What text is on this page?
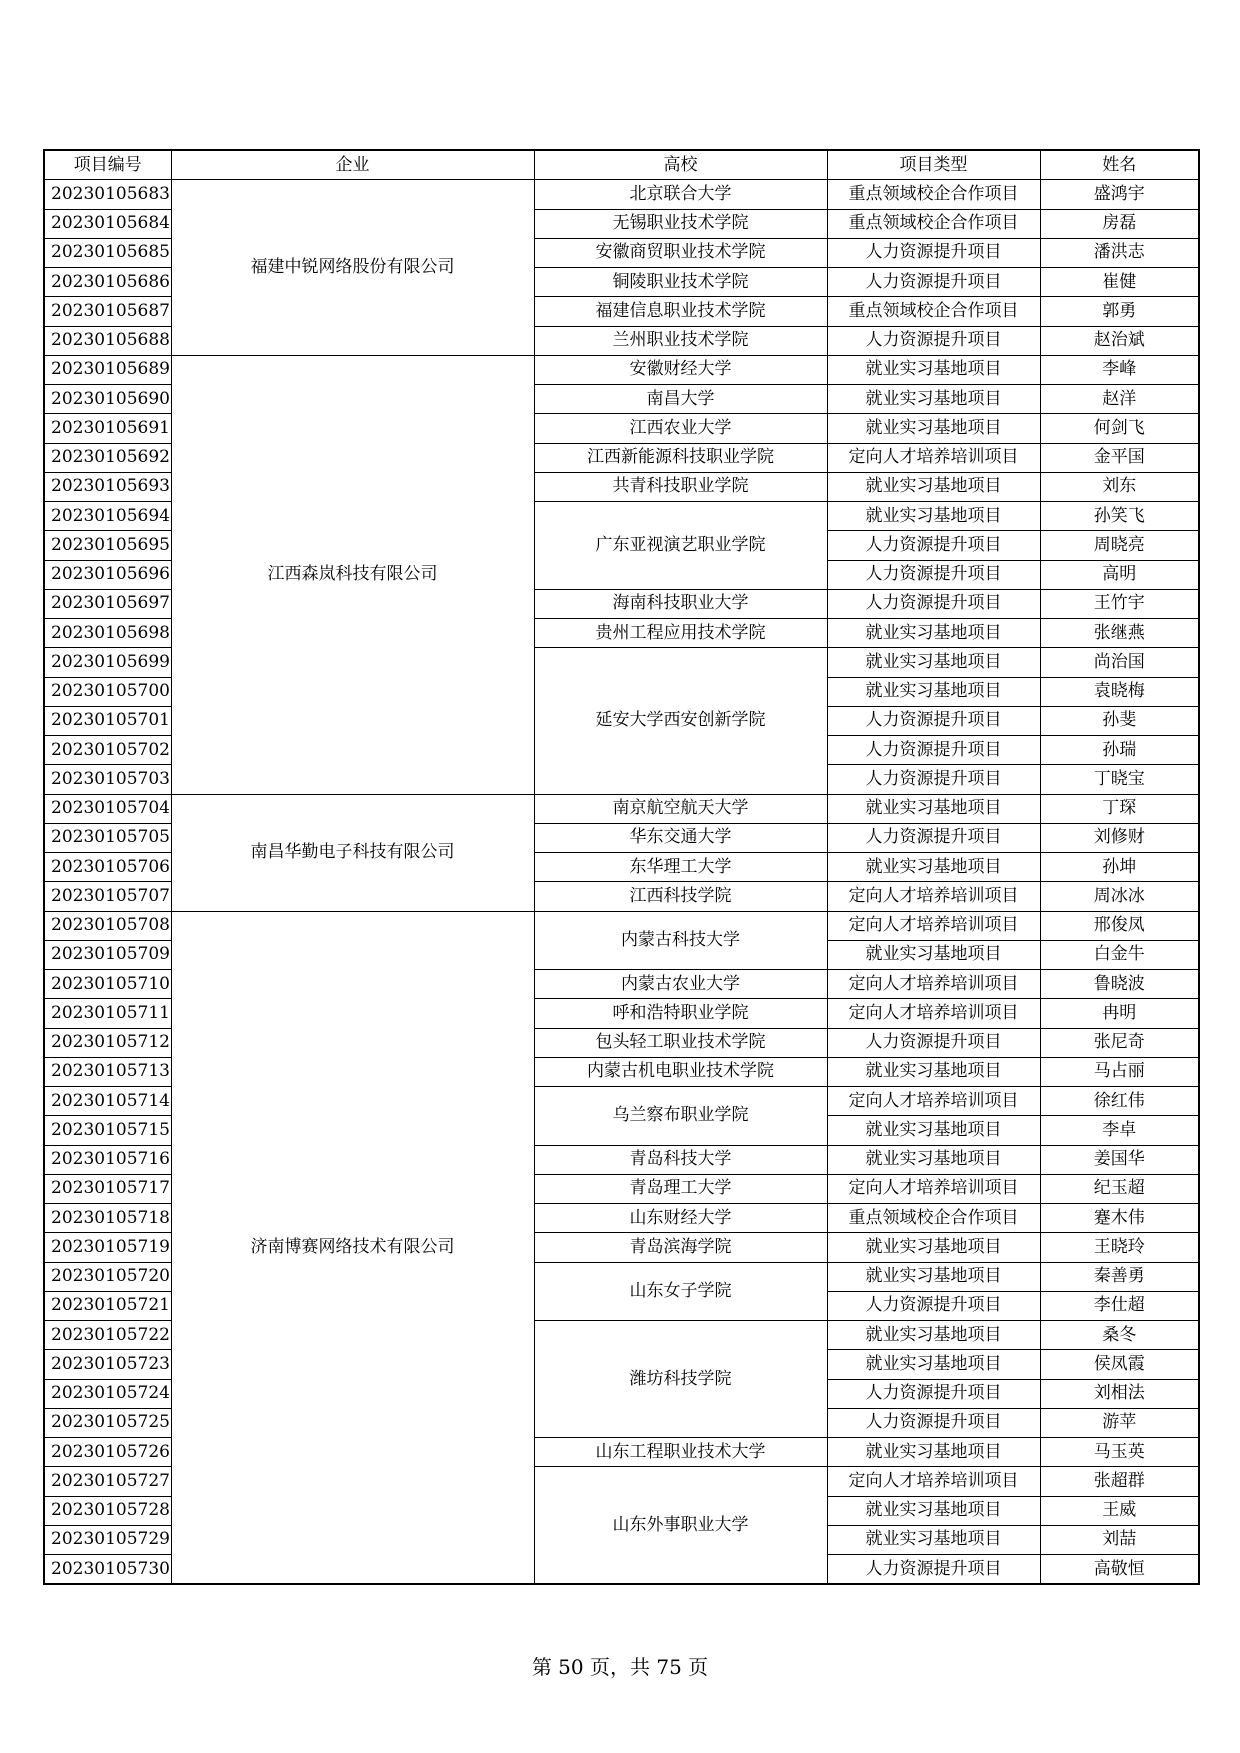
项目编号	企业	高校	项目类型	姓名
20230105683	福建中锐网络股份有限公司	北京联合大学	重点领域校企合作项目	盛鸿宇
20230105684		无锡职业技术学院	重点领域校企合作项目	房磊
20230105685		安徽商贸职业技术学院	人力资源提升项目	潘洪志
20230105686		铜陵职业技术学院	人力资源提升项目	崔健
20230105687		福建信息职业技术学院	重点领域校企合作项目	郭勇
20230105688		兰州职业技术学院	人力资源提升项目	赵治斌
20230105689	江西森岚科技有限公司	安徽财经大学	就业实习基地项目	李峰
20230105690		南昌大学	就业实习基地项目	赵洋
20230105691		江西农业大学	就业实习基地项目	何剑飞
20230105692		江西新能源科技职业学院	定向人才培养培训项目	金平国
20230105693		共青科技职业学院	就业实习基地项目	刘东
20230105694		广东亚视演艺职业学院	就业实习基地项目	孙笑飞
20230105695			人力资源提升项目	周晓亮
20230105696			人力资源提升项目	高明
20230105697		海南科技职业大学	人力资源提升项目	王竹宇
20230105698		贵州工程应用技术学院	就业实习基地项目	张继燕
20230105699		延安大学西安创新学院	就业实习基地项目	尚治国
20230105700			就业实习基地项目	袁晓梅
20230105701			人力资源提升项目	孙斐
20230105702			人力资源提升项目	孙瑞
20230105703			人力资源提升项目	丁晓宝
20230105704	南昌华勤电子科技有限公司	南京航空航天大学	就业实习基地项目	丁琛
20230105705		华东交通大学	人力资源提升项目	刘修财
20230105706		东华理工大学	就业实习基地项目	孙坤
20230105707		江西科技学院	定向人才培养培训项目	周冰冰
20230105708	济南博赛网络技术有限公司	内蒙古科技大学	定向人才培养培训项目	邢俊凤
20230105709			就业实习基地项目	白金牛
20230105710		内蒙古农业大学	定向人才培养培训项目	鲁晓波
20230105711		呼和浩特职业学院	定向人才培养培训项目	冉明
20230105712		包头轻工职业技术学院	人力资源提升项目	张尼奇
20230105713		内蒙古机电职业技术学院	就业实习基地项目	马占丽
20230105714		乌兰察布职业学院	定向人才培养培训项目	徐红伟
20230105715			就业实习基地项目	李卓
20230105716		青岛科技大学	就业实习基地项目	姜国华
20230105717		青岛理工大学	定向人才培养培训项目	纪玉超
20230105718		山东财经大学	重点领域校企合作项目	蹇木伟
20230105719		青岛滨海学院	就业实习基地项目	王晓玲
20230105720		山东女子学院	就业实习基地项目	秦善勇
20230105721			人力资源提升项目	李仕超
20230105722		潍坊科技学院	就业实习基地项目	桑冬
20230105723			就业实习基地项目	侯凤霞
20230105724			人力资源提升项目	刘相法
20230105725			人力资源提升项目	游苹
20230105726		山东工程职业技术大学	就业实习基地项目	马玉英
20230105727		山东外事职业大学	定向人才培养培训项目	张超群
20230105728			就业实习基地项目	王威
20230105729			就业实习基地项目	刘喆
20230105730			人力资源提升项目	高敬恒
第 50 页，共 75 页
